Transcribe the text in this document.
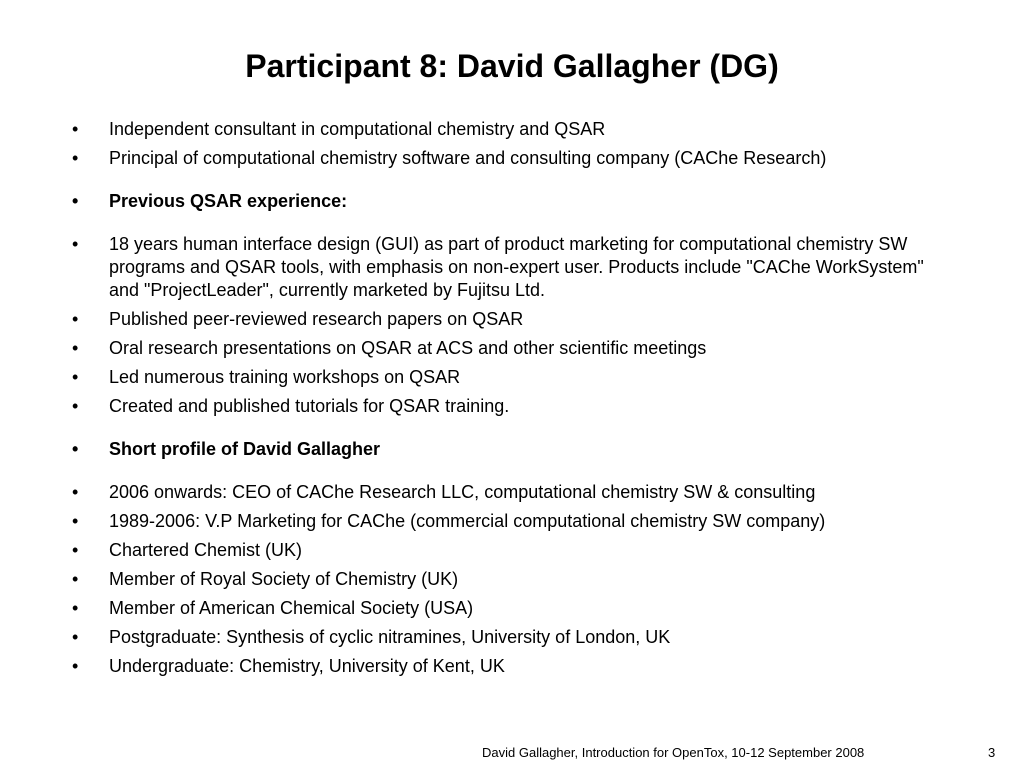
Participant 8: David Gallagher (DG)
• Independent consultant in computational chemistry and QSAR
• Principal of computational chemistry software and consulting company (CAChe Research)
• Previous QSAR experience:
• 18 years human interface design (GUI) as part of product marketing for computational chemistry SW programs and QSAR tools, with emphasis on non-expert user. Products include "CAChe WorkSystem" and "ProjectLeader", currently marketed by Fujitsu Ltd.
• Published peer-reviewed research papers on QSAR
• Oral research presentations on QSAR at ACS and other scientific meetings
• Led numerous training workshops on QSAR
• Created and published tutorials for QSAR training.
• Short profile of David Gallagher
• 2006 onwards: CEO of CAChe Research LLC, computational chemistry SW & consulting
• 1989-2006: V.P Marketing for CAChe (commercial computational chemistry SW company)
• Chartered Chemist (UK)
• Member of Royal Society of Chemistry (UK)
• Member of American Chemical Society (USA)
• Postgraduate: Synthesis of cyclic nitramines, University of London, UK
• Undergraduate: Chemistry, University of Kent, UK
David Gallagher, Introduction for OpenTox, 10-12 September 2008	3
